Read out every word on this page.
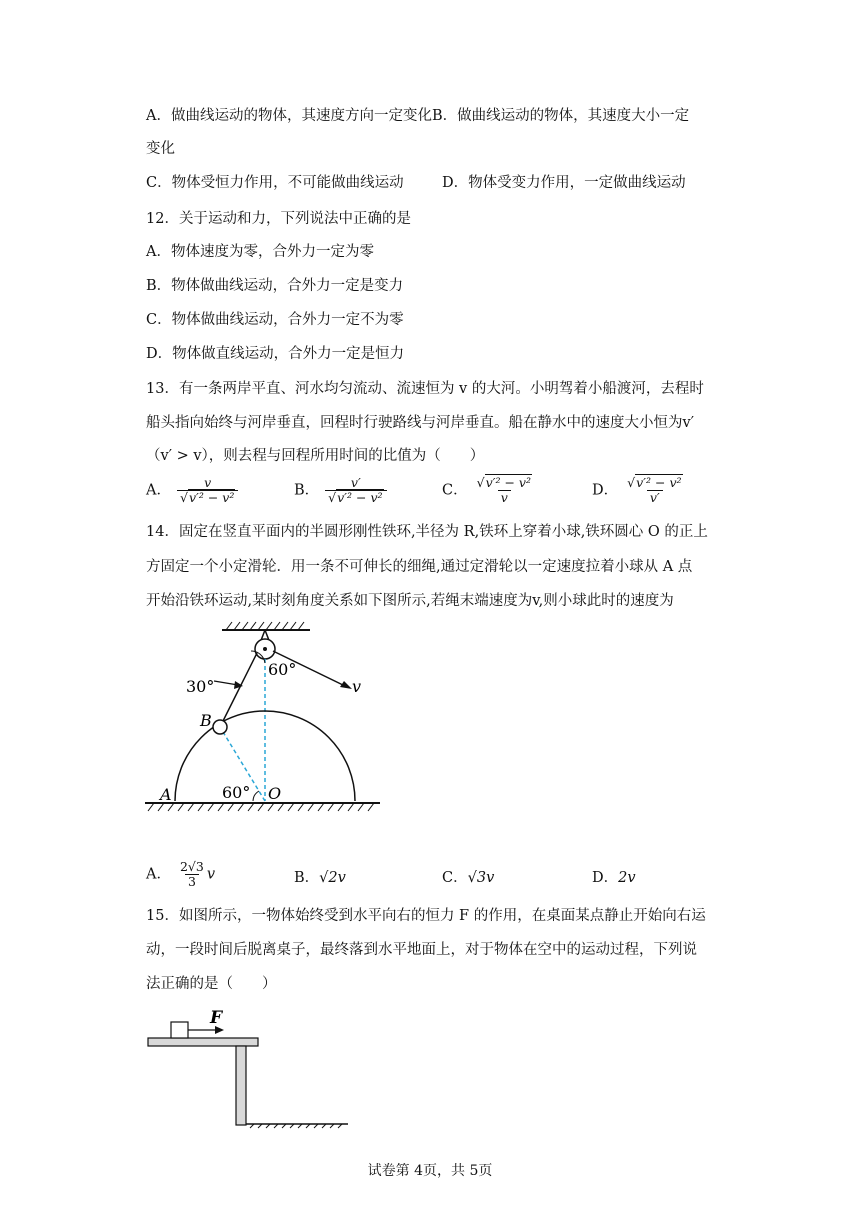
A．做曲线运动的物体，其速度方向一定变化B．做曲线运动的物体，其速度大小一定
变化
C．物体受恒力作用，不可能做曲线运动	D．物体受变力作用，一定做曲线运动
12．关于运动和力，下列说法中正确的是
A．物体速度为零，合外力一定为零
B．物体做曲线运动，合外力一定是变力
C．物体做曲线运动，合外力一定不为零
D．物体做直线运动，合外力一定是恒力
13．有一条两岸平直、河水均匀流动、流速恒为 v 的大河。小明驾着小船渡河，去程时
船头指向始终与河岸垂直，回程时行驶路线与河岸垂直。船在静水中的速度大小恒为v′
（v′ > v），则去程与回程所用时间的比值为（　　）
A． $\frac{v}{\text{√v′² − v²}}$	B． $\frac{v'}{\text{√v′² − v²}}$	C． $\frac{\text{√v′² − v²}}{v}$	D． $\frac{\text{√v′² − v²}}{v'}$
14．固定在竖直平面内的半圆形刚性铁环,半径为 R,铁环上穿着小球,铁环圆心 O 的正上
方固定一个小定滑轮．用一条不可伸长的细绳,通过定滑轮以一定速度拉着小球从 A 点
开始沿铁环运动,某时刻角度关系如下图所示,若绳末端速度为v,则小球此时的速度为
30°
60°
v
B
60°
A	O
A． $\frac{2√3}{3}$ v	B．√2v	C．√3v	D．2v
15．如图所示，一物体始终受到水平向右的恒力 F 的作用，在桌面某点静止开始向右运
动，一段时间后脱离桌子，最终落到水平地面上，对于物体在空中的运动过程，下列说
法正确的是（　　）
F
试卷第 4页，共 5页
